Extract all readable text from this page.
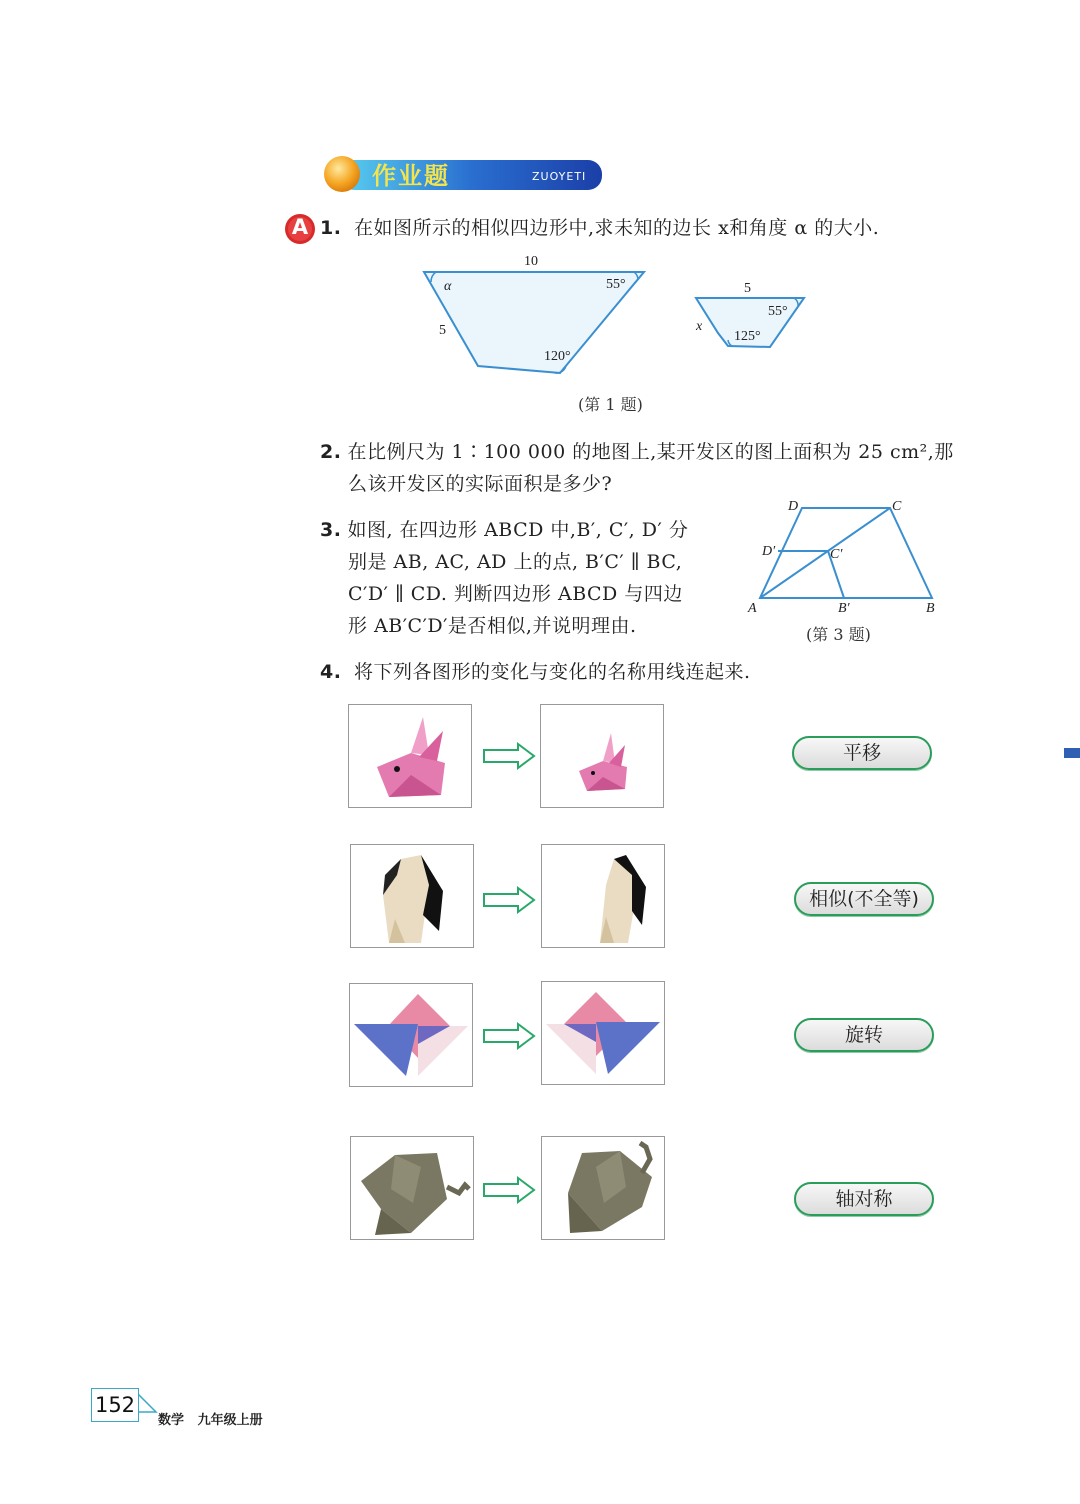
作业题	ZUOYETI
A 1. 在如图所示的相似四边形中,求未知的边长 x和角度 α 的大小.
10
α	55°
5
120°
5
55°
x
125°
(第 1 题)
2. 在比例尺为 1∶100 000 的地图上,某开发区的图上面积为 25 cm²,那
么该开发区的实际面积是多少?
3. 如图, 在四边形 ABCD 中,B′, C′, D′ 分
别是 AB, AC, AD 上的点, B′C′ ∥ BC,
C′D′ ∥ CD. 判断四边形 ABCD 与四边
形 AB′C′D′是否相似,并说明理由.
A	B
C
D
B′
C′
D′
(第 3 题)
4. 将下列各图形的变化与变化的名称用线连起来.
平移
相似(不全等)
旋转
轴对称
152
数学   九年级上册
